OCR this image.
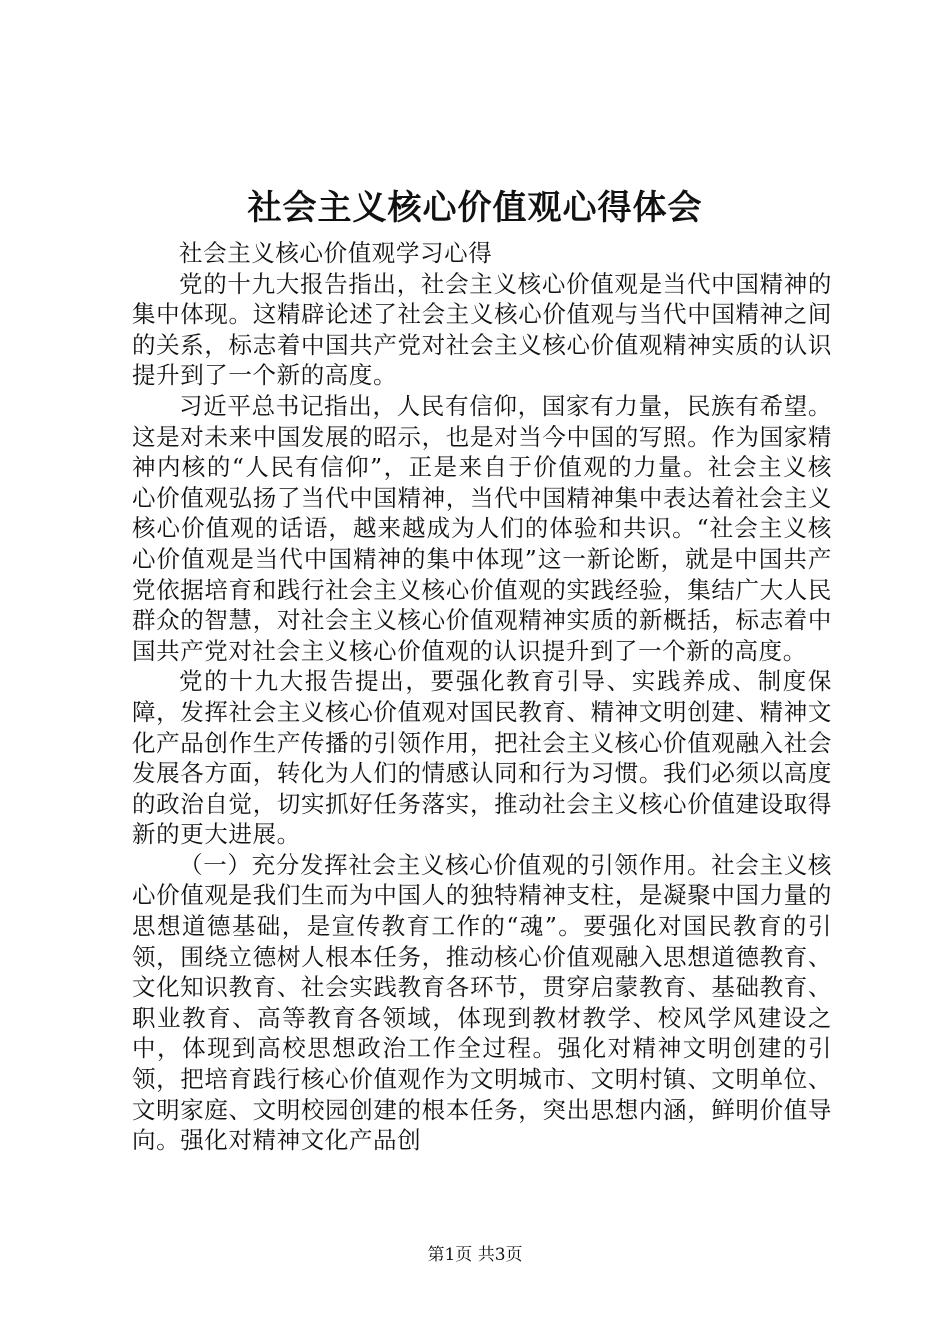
社会主义核心价值观心得体会

社会主义核心价值观学习心得

党的十九大报告指出，社会主义核心价值观是当代中国精神的集中体现。这精辟论述了社会主义核心价值观与当代中国精神之间的关系，标志着中国共产党对社会主义核心价值观精神实质的认识提升到了一个新的高度。

习近平总书记指出，人民有信仰，国家有力量，民族有希望。这是对未来中国发展的昭示，也是对当今中国的写照。作为国家精神内核的“人民有信仰”，正是来自于价值观的力量。社会主义核心价值观弘扬了当代中国精神，当代中国精神集中表达着社会主义核心价值观的话语，越来越成为人们的体验和共识。“社会主义核心价值观是当代中国精神的集中体现”这一新论断，就是中国共产党依据培育和践行社会主义核心价值观的实践经验，集结广大人民群众的智慧，对社会主义核心价值观精神实质的新概括，标志着中国共产党对社会主义核心价值观的认识提升到了一个新的高度。

党的十九大报告提出，要强化教育引导、实践养成、制度保障，发挥社会主义核心价值观对国民教育、精神文明创建、精神文化产品创作生产传播的引领作用，把社会主义核心价值观融入社会发展各方面，转化为人们的情感认同和行为习惯。我们必须以高度的政治自觉，切实抓好任务落实，推动社会主义核心价值建设取得新的更大进展。

（一）充分发挥社会主义核心价值观的引领作用。社会主义核心价值观是我们生而为中国人的独特精神支柱，是凝聚中国力量的思想道德基础，是宣传教育工作的“魂”。要强化对国民教育的引领，围绕立德树人根本任务，推动核心价值观融入思想道德教育、文化知识教育、社会实践教育各环节，贯穿启蒙教育、基础教育、职业教育、高等教育各领域，体现到教材教学、校风学风建设之中，体现到高校思想政治工作全过程。强化对精神文明创建的引领，把培育践行核心价值观作为文明城市、文明村镇、文明单位、文明家庭、文明校园创建的根本任务，突出思想内涵，鲜明价值导向。强化对精神文化产品创

第1页 共3页
